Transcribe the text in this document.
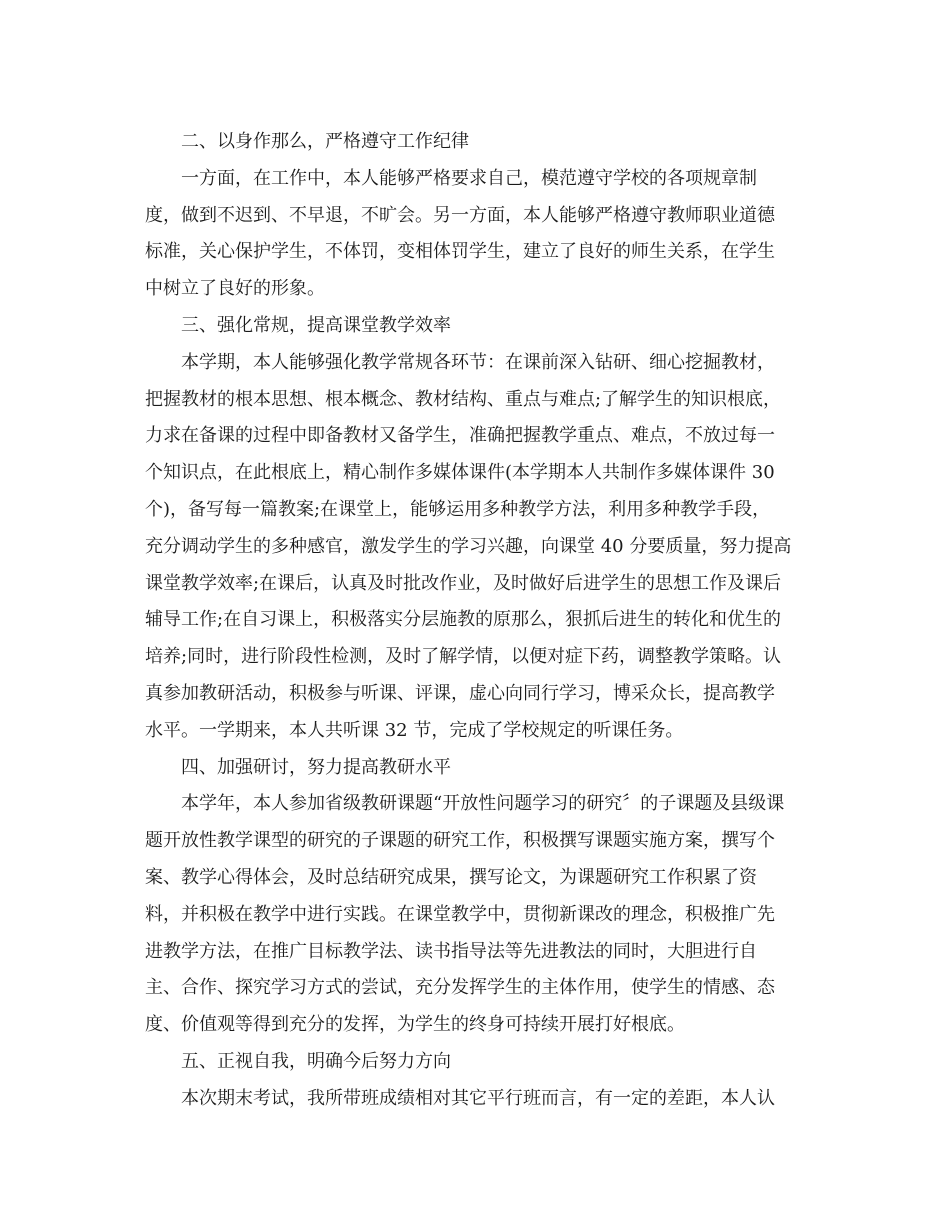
二、以身作那么，严格遵守工作纪律
一方面，在工作中，本人能够严格要求自己，模范遵守学校的各项规章制
度，做到不迟到、不早退，不旷会。另一方面，本人能够严格遵守教师职业道德
标准，关心保护学生，不体罚，变相体罚学生，建立了良好的师生关系，在学生
中树立了良好的形象。
三、强化常规，提高课堂教学效率
本学期，本人能够强化教学常规各环节：在课前深入钻研、细心挖掘教材，
把握教材的根本思想、根本概念、教材结构、重点与难点;了解学生的知识根底，
力求在备课的过程中即备教材又备学生，准确把握教学重点、难点，不放过每一
个知识点，在此根底上，精心制作多媒体课件(本学期本人共制作多媒体课件 30
个)，备写每一篇教案;在课堂上，能够运用多种教学方法，利用多种教学手段，
充分调动学生的多种感官，激发学生的学习兴趣，向课堂 40 分要质量，努力提高
课堂教学效率;在课后，认真及时批改作业，及时做好后进学生的思想工作及课后
辅导工作;在自习课上，积极落实分层施教的原那么，狠抓后进生的转化和优生的
培养;同时，进行阶段性检测，及时了解学情，以便对症下药，调整教学策略。认
真参加教研活动，积极参与听课、评课，虚心向同行学习，博采众长，提高教学
水平。一学期来，本人共听课 32 节，完成了学校规定的听课任务。
四、加强研讨，努力提高教研水平
本学年，本人参加省级教研课题“开放性问题学习的研究〞的子课题及县级课
题开放性教学课型的研究的子课题的研究工作，积极撰写课题实施方案，撰写个
案、教学心得体会，及时总结研究成果，撰写论文，为课题研究工作积累了资
料，并积极在教学中进行实践。在课堂教学中，贯彻新课改的理念，积极推广先
进教学方法，在推广目标教学法、读书指导法等先进教法的同时，大胆进行自
主、合作、探究学习方式的尝试，充分发挥学生的主体作用，使学生的情感、态
度、价值观等得到充分的发挥，为学生的终身可持续开展打好根底。
五、正视自我，明确今后努力方向
本次期末考试，我所带班成绩相对其它平行班而言，有一定的差距，本人认
